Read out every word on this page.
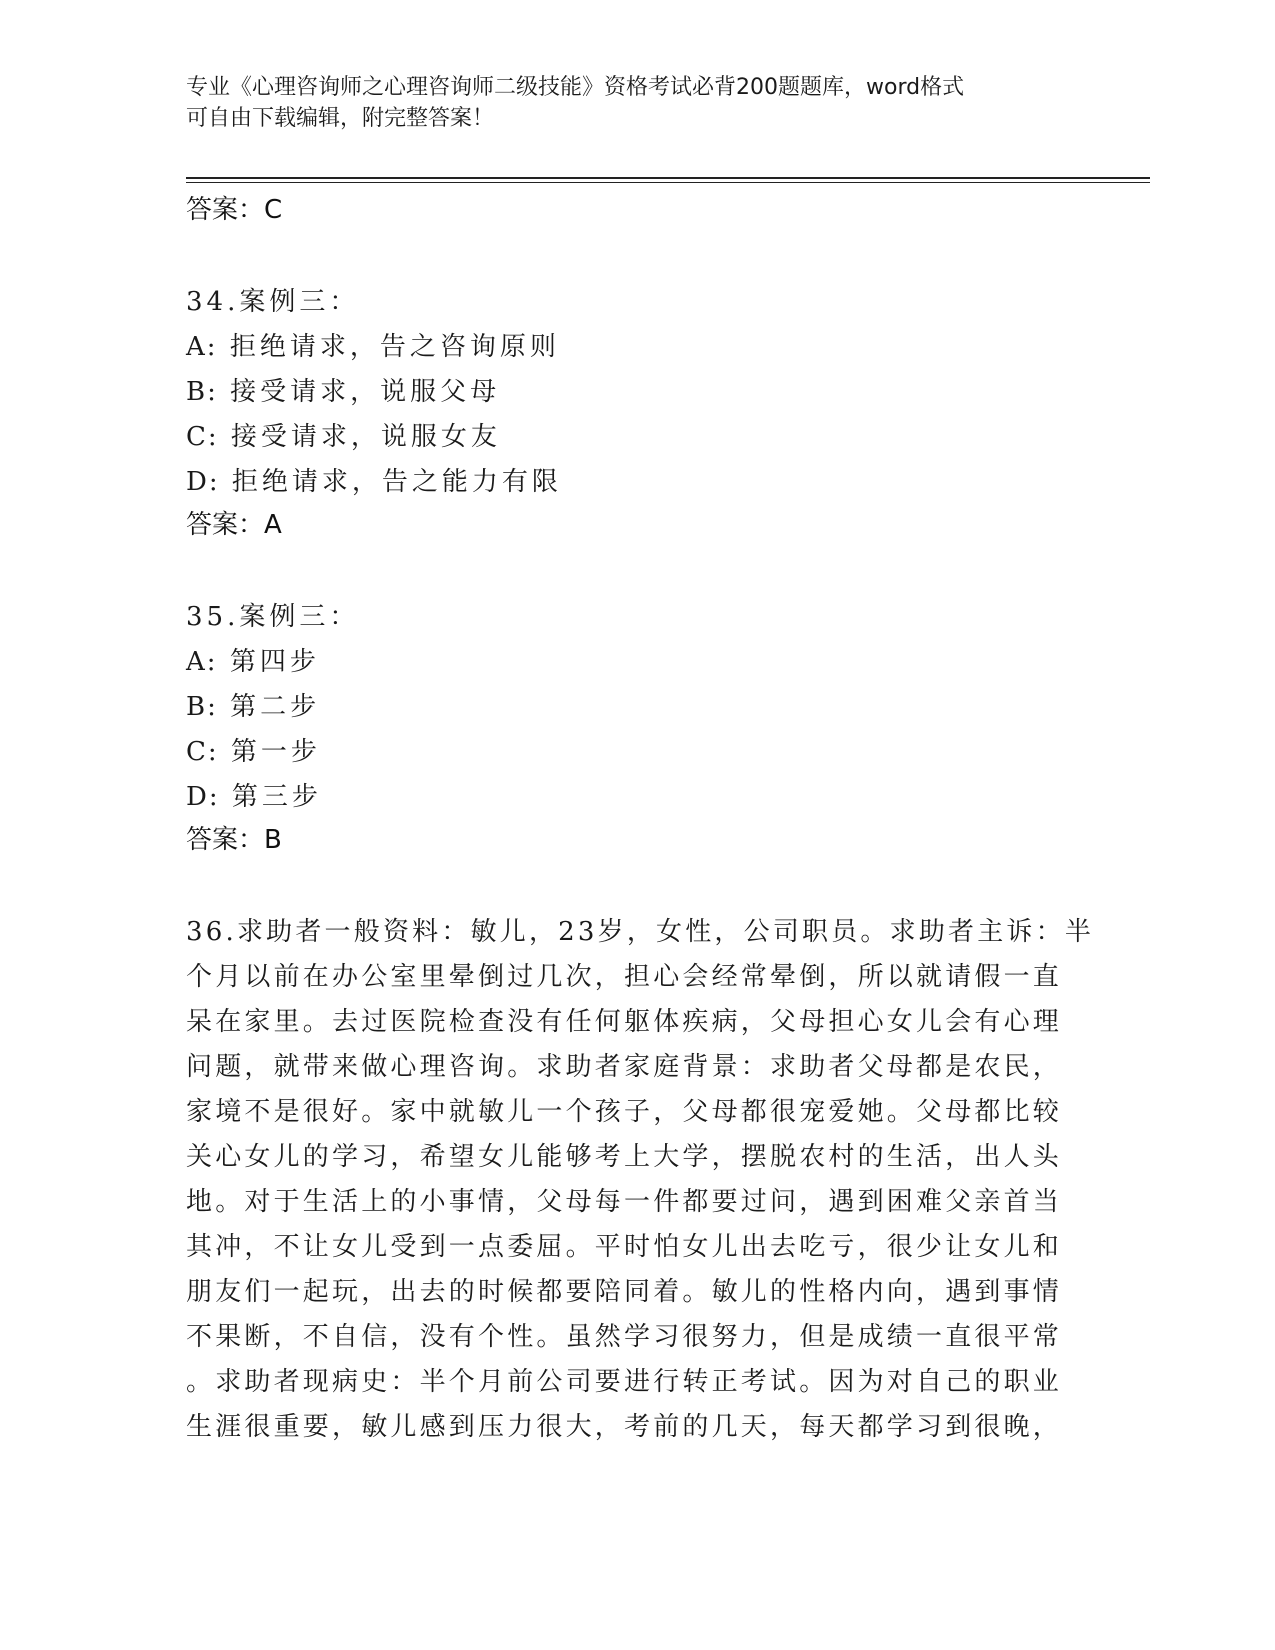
专业《心理咨询师之心理咨询师二级技能》资格考试必背200题题库，word格式
可自由下载编辑，附完整答案！
答案：C
34.案例三：
A: 拒绝请求，告之咨询原则
B: 接受请求，说服父母
C: 接受请求，说服女友
D: 拒绝请求，告之能力有限
答案：A
35.案例三：
A: 第四步
B: 第二步
C: 第一步
D: 第三步
答案：B
36.求助者一般资料：敏儿，23岁，女性，公司职员。求助者主诉：半
个月以前在办公室里晕倒过几次，担心会经常晕倒，所以就请假一直
呆在家里。去过医院检查没有任何躯体疾病，父母担心女儿会有心理
问题，就带来做心理咨询。求助者家庭背景：求助者父母都是农民，
家境不是很好。家中就敏儿一个孩子，父母都很宠爱她。父母都比较
关心女儿的学习，希望女儿能够考上大学，摆脱农村的生活，出人头
地。对于生活上的小事情，父母每一件都要过问，遇到困难父亲首当
其冲，不让女儿受到一点委屈。平时怕女儿出去吃亏，很少让女儿和
朋友们一起玩，出去的时候都要陪同着。敏儿的性格内向，遇到事情
不果断，不自信，没有个性。虽然学习很努力，但是成绩一直很平常
。求助者现病史：半个月前公司要进行转正考试。因为对自己的职业
生涯很重要，敏儿感到压力很大，考前的几天，每天都学习到很晚，
